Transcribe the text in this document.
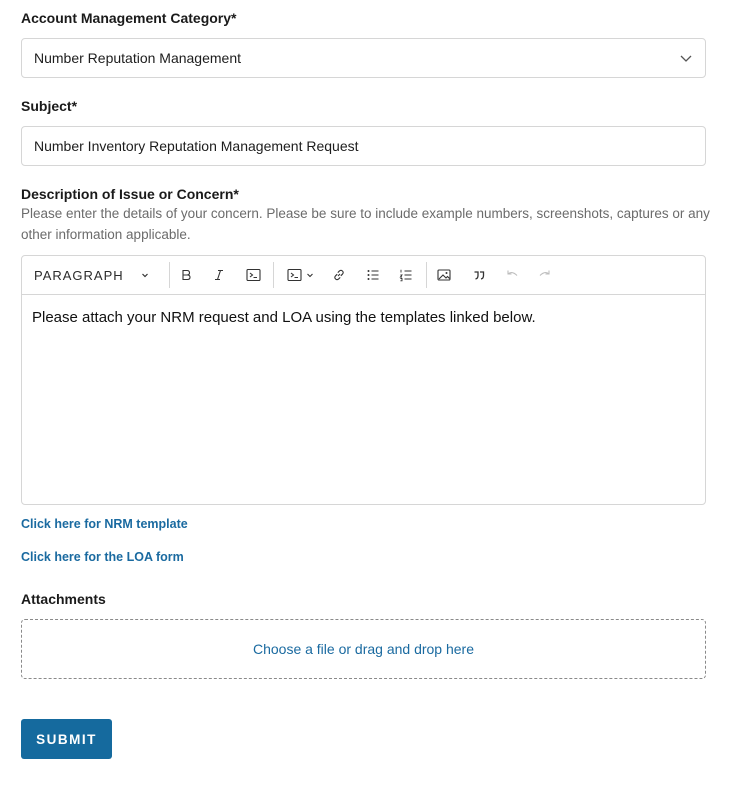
Account Management Category*
Number Reputation Management
Subject*
Number Inventory Reputation Management Request
Description of Issue or Concern*
Please enter the details of your concern. Please be sure to include example numbers, screenshots, captures or any other information applicable.
PARAGRAPH
Please attach your NRM request and LOA using the templates linked below.
Click here for NRM template
Click here for the LOA form
Attachments
Choose a file or drag and drop here
SUBMIT
